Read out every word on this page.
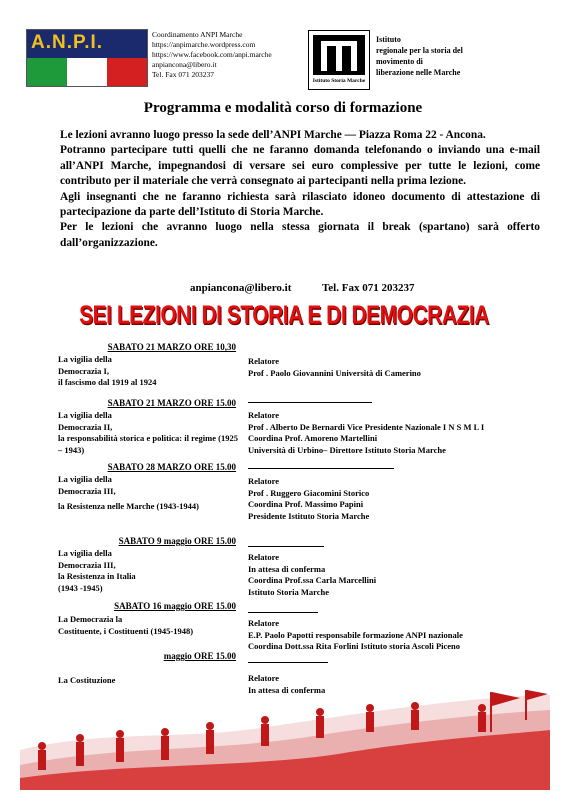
A.N.P.I.	Coordinamento ANPI Marche
https://anpimarche.wordpress.com
https://www.facebook.com/anpi.marche
anpiancona@libero.it
Tel. Fax 071 203237
Istituto Storia Marche
Istituto
regionale per la storia del
movimento di
liberazione nelle Marche
Programma e modalità corso di formazione

Le lezioni avranno luogo presso la sede dell’ANPI Marche — Piazza Roma 22 - Ancona.

Potranno partecipare tutti quelli che ne faranno domanda telefonando o inviando una e-mail all’ANPI Marche, impegnandosi di versare sei euro complessive per tutte le lezioni, come contributo per il materiale che verrà consegnato ai partecipanti nella prima lezione.

Agli insegnanti che ne faranno richiesta sarà rilasciato idoneo documento di attestazione di partecipazione da parte dell’Istituto di Storia Marche.

Per le lezioni che avranno luogo nella stessa giornata il break (spartano) sarà offerto dall’organizzazione.

anpiancona@libero.it	Tel. Fax 071 203237
SEI LEZIONI DI STORIA E DI DEMOCRAZIA
SABATO 21 MARZO ORE 10,30
La vigilia della
Democrazia I,
il fascismo dal 1919 al 1924
Relatore
Prof . Paolo Giovannini Università di Camerino
SABATO 21 MARZO ORE 15.00
La vigilia della
Democrazia II,
la responsabilità storica e politica: il regime (1925 – 1943)
Relatore
Prof . Alberto De Bernardi Vice Presidente Nazionale I N S M L I
Coordina Prof. Amoreno Martellini
Università di Urbino– Direttore Istituto Storia Marche
SABATO 28 MARZO ORE 15.00
La vigilia della
Democrazia III,
la Resistenza nelle Marche (1943-1944)
Relatore
Prof . Ruggero Giacomini Storico
Coordina Prof. Massimo Papini
Presidente Istituto Storia Marche
SABATO 9 maggio ORE 15.00
La vigilia della
Democrazia III,
la Resistenza in Italia
(1943 -1945)
Relatore
In attesa di conferma
Coordina Prof.ssa Carla Marcellini
Istituto Storia Marche
SABATO 16 maggio ORE 15.00
La Democrazia la
Costituente, i Costituenti (1945-1948)
Relatore
E.P. Paolo Papotti responsabile formazione ANPI nazionale
Coordina Dott.ssa Rita Forlini Istituto storia Ascoli Piceno
maggio ORE 15.00
La Costituzione	Relatore
In attesa di conferma
